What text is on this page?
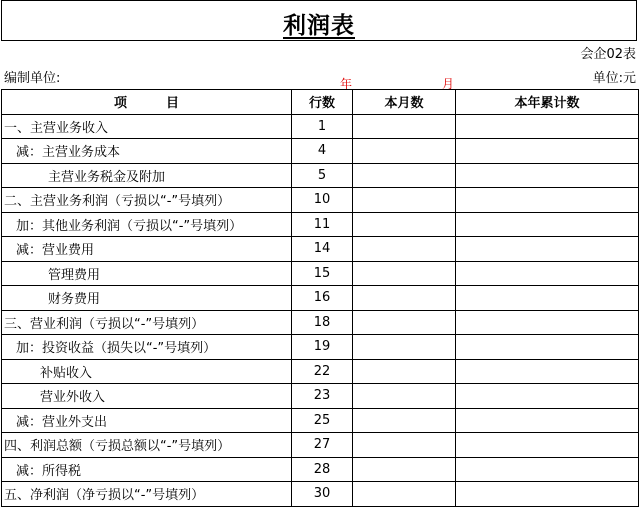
利润表
会企02表
编制单位:	年	月	单位:元
项　　　目	行数	本月数	本年累计数
一、主营业务收入	1		
减：主营业务成本	4		
主营业务税金及附加	5		
二、主营业务利润（亏损以“-”号填列）	10		
加：其他业务利润（亏损以“-”号填列）	11		
减：营业费用	14		
管理费用	15		
财务费用	16		
三、营业利润（亏损以“-”号填列）	18		
加：投资收益（损失以“-”号填列）	19		
补贴收入	22		
营业外收入	23		
减：营业外支出	25		
四、利润总额（亏损总额以“-”号填列）	27		
减：所得税	28		
五、净利润（净亏损以“-”号填列）	30		
